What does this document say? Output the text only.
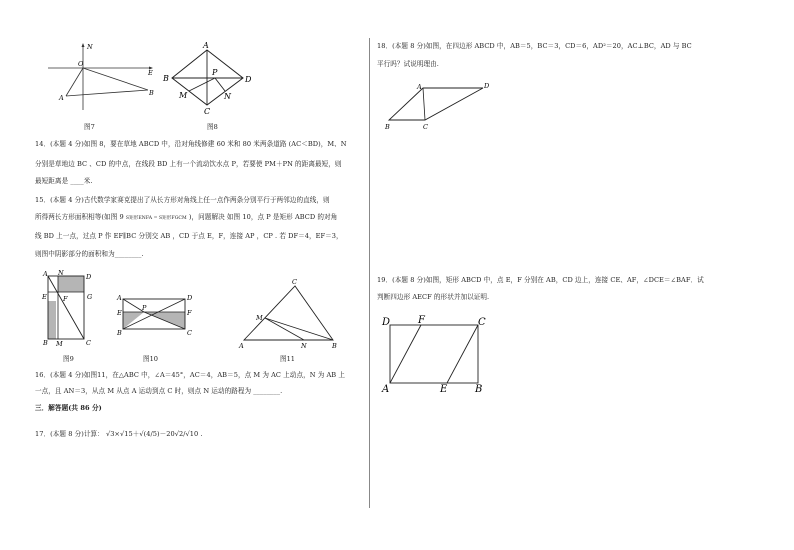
N
O
E
A
B
A
B	D
C
P
M	N
图7	图8
14．(本题 4 分)如图 8，要在草地 ABCD 中，沿对角线修建 60 米和 80 米两条道路 (AC＜BD)，M、N
分别是草地边 BC 、CD 的中点，在线段 BD 上有一个流动饮水点 P，若要使 PM＋PN 的距离最短，则
最短距离是 ____米.
15．(本题 4 分)古代数学家赛克提出了从长方形对角线上任一点作两条分别平行于两邻边的直线，则
所得两长方形面积相等(如图 9 S矩形ENFA = S矩形FGCM )，问题解决 如图 10，点 P 是矩形 ABCD 的对角
线 BD 上一点，过点 P 作 EF∥BC 分别交 AB ，CD 于点 E，F，连接 AP ，CP . 若 DF＝4，EF＝3，
则图中阴影部分的面积和为________.
A N	D
E	F	G
B M	C
A	D
E
P
F
B	C
C
M
A	N	B
图9	图10	图11
16．(本题 4 分)如图11，在△ABC 中，∠A＝45°，AC＝4，AB＝5，点 M 为 AC 上动点，N 为 AB 上
一点，且 AN＝3，从点 M 从点 A 运动到点 C 时，则点 N 运动的路程为 ________.
三．解答题(共 86 分)
17．(本题 8 分)计算： √3×√15＋√(4/5)－20√2/√10 .
18．(本题 8 分)如图，在四边形 ABCD 中，AB＝5，BC＝3，CD＝6，AD²＝20，AC⊥BC，AD 与 BC
平行吗？试说明理由.
A	D
B	C
19．(本题 8 分)如图，矩形 ABCD 中，点 E，F 分别在 AB，CD 边上，连接 CE、AF，∠DCE＝∠BAF．试
判断四边形 AECF 的形状并加以证明.
D	F	C
A	E	B
